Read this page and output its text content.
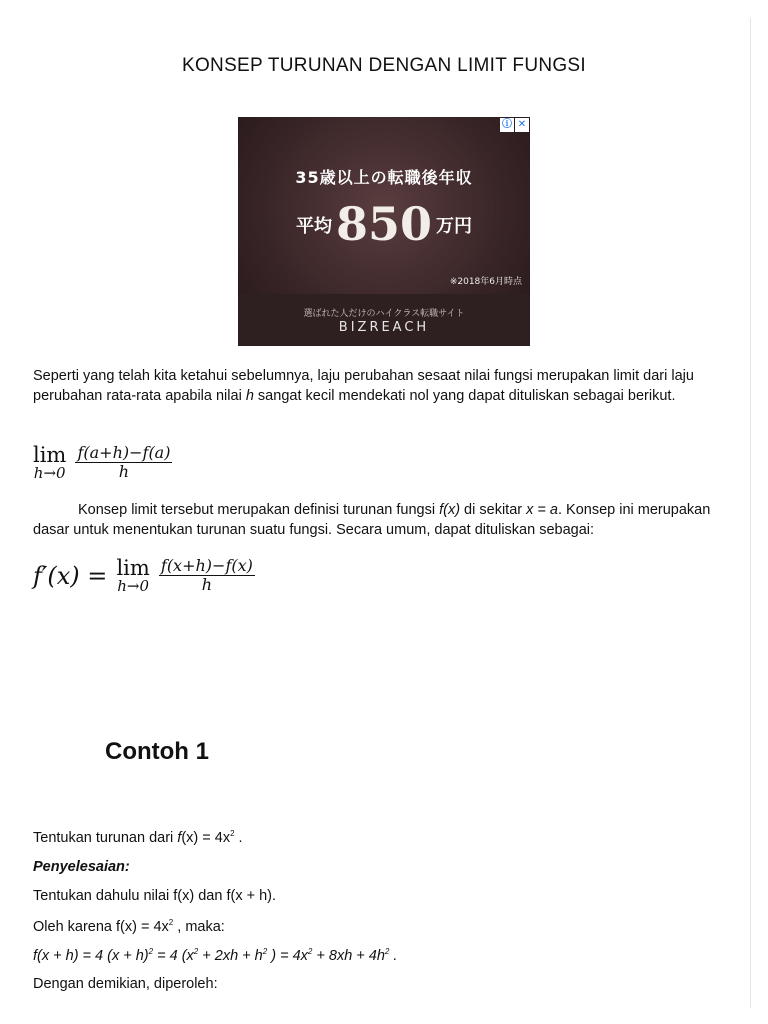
KONSEP TURUNAN DENGAN LIMIT FUNGSI
ⓘ ✕
35歳以上の転職後年収
平均850 万円
※2018年6月時点
選ばれた人だけのハイクラス転職サイト
BIZREACH
Seperti yang telah kita ketahui sebelumnya, laju perubahan sesaat nilai fungsi merupakan limit dari laju perubahan rata-rata apabila nilai h sangat kecil mendekati nol yang dapat dituliskan sebagai berikut.
lim
h→0
$\frac{f(a+h)-f(a)}{h}$
Konsep limit tersebut merupakan definisi turunan fungsi f(x) di sekitar x = a. Konsep ini merupakan dasar untuk menentukan turunan suatu fungsi. Secara umum, dapat dituliskan sebagai:
f′(x) = lim
h→0
$\frac{f(x+h)-f(x)}{h}$
Contoh 1
Tentukan turunan dari $f(x) = 4x^2$ .
Penyelesaian:
Tentukan dahulu nilai f(x) dan f(x + h).
Oleh karena $f(x) = 4x^2$ , maka:
f(x + h) = 4 $(x + h)^2 = 4$ ($x^2 + 2xh + h^2$ ) = $4x^2 + 8xh + 4h^2$ .
Dengan demikian, diperoleh:
